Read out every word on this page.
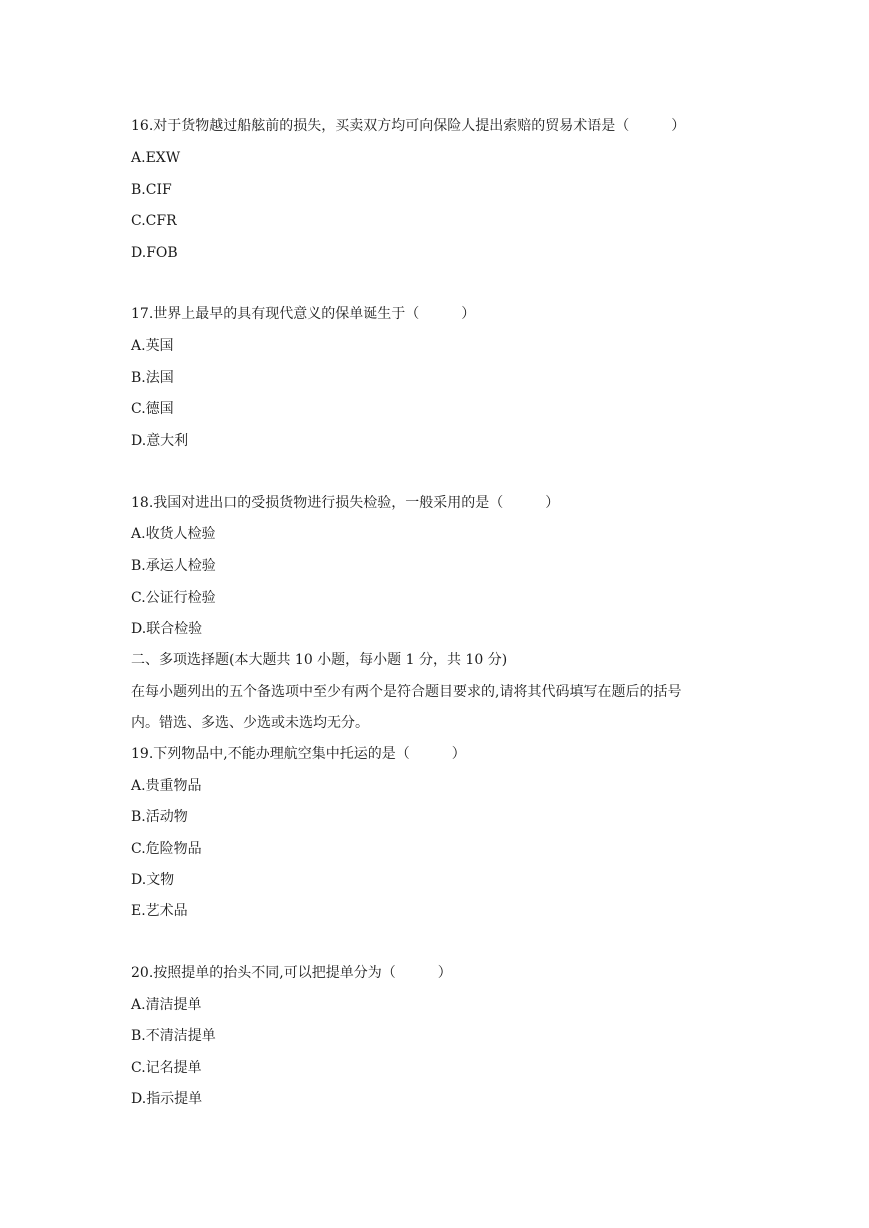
16.对于货物越过船舷前的损失，买卖双方均可向保险人提出索赔的贸易术语是（	）
A.EXW
B.CIF
C.CFR
D.FOB
17.世界上最早的具有现代意义的保单诞生于（	）
A.英国
B.法国
C.德国
D.意大利
18.我国对进出口的受损货物进行损失检验，一般采用的是（	）
A.收货人检验
B.承运人检验
C.公证行检验
D.联合检验
二、多项选择题(本大题共 10 小题，每小题 1 分，共 10 分)
在每小题列出的五个备选项中至少有两个是符合题目要求的,请将其代码填写在题后的括号
内。错选、多选、少选或未选均无分。
19.下列物品中,不能办理航空集中托运的是（	）
A.贵重物品
B.活动物
C.危险物品
D.文物
E.艺术品
20.按照提单的抬头不同,可以把提单分为（	）
A.清洁提单
B.不清洁提单
C.记名提单
D.指示提单
